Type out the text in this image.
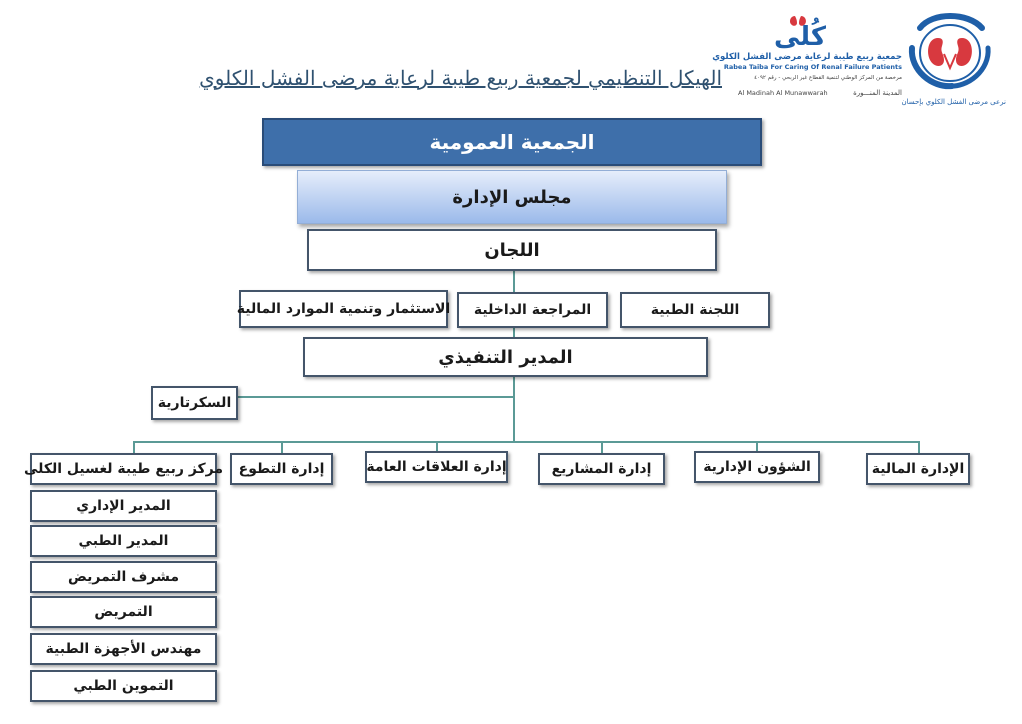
نرعى مرضى الفشل الكلوي بإحسان
كُلى
جمعية ربيع طيبة لرعاية مرضى الفشل الكلوي
Rabea Taiba For Caring Of Renal Failure Patients
مرخصة من المركز الوطني لتنمية القطاع غير الربحي - رقم ٤٠٩٢
المدينة المنـــورة
Al Madinah Al Munawwarah
الهيكل التنظيمي لجمعية ربيع طيبة لرعاية مرضى الفشل الكلوي
الجمعية العمومية
مجلس الإدارة
اللجان
اللجنة الطبية
المراجعة الداخلية
الاستثمار وتنمية الموارد المالية
المدير التنفيذي
السكرتارية
الإدارة المالية
الشؤون الإدارية
إدارة المشاريع
إدارة العلاقات العامة
إدارة التطوع
مركز ربيع طيبة لغسيل الكلى
المدير الإداري
المدير الطبي
مشرف التمريض
التمريض
مهندس الأجهزة الطبية
التموين الطبي
